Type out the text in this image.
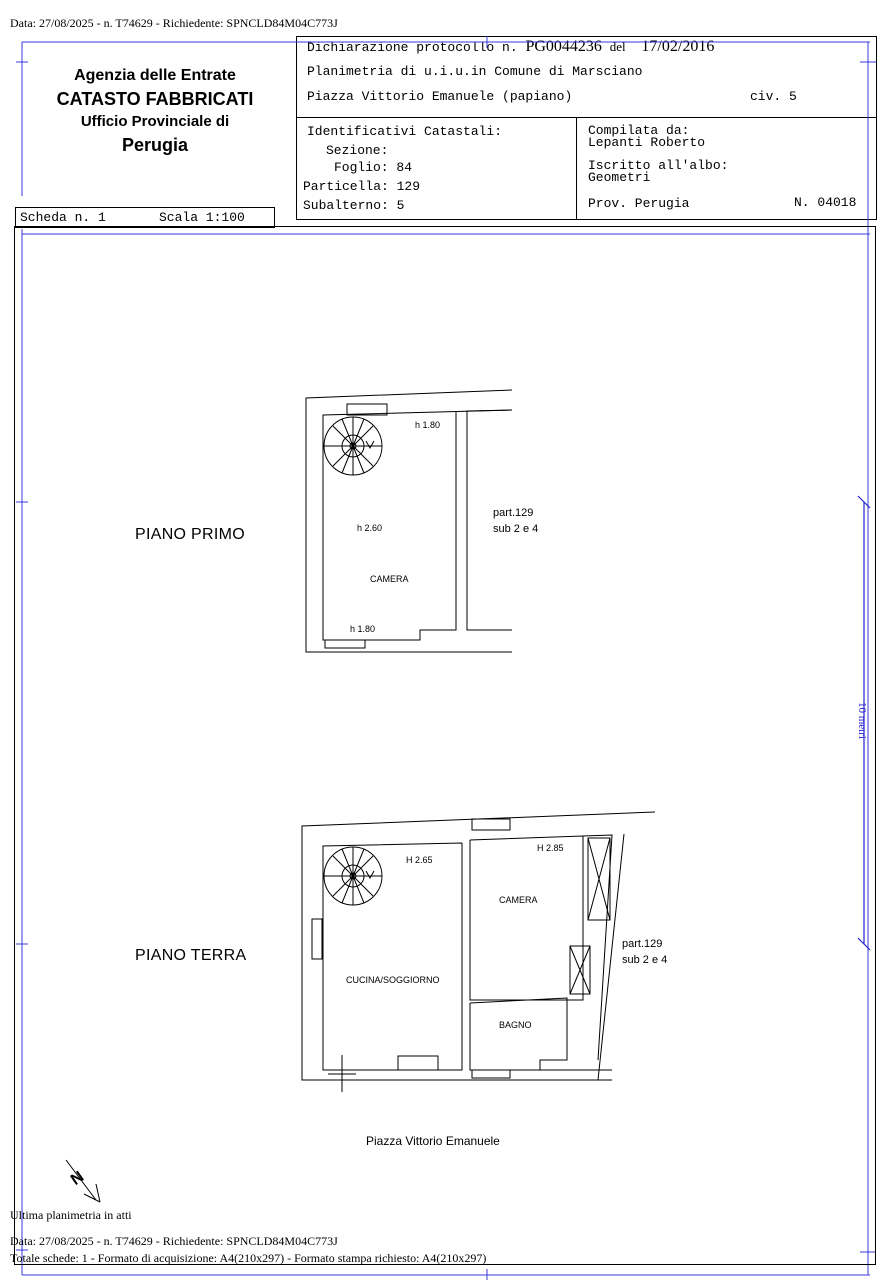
Data: 27/08/2025 - n. T74629 - Richiedente: SPNCLD84M04C773J
Agenzia delle Entrate
CATASTO FABBRICATI
Ufficio Provinciale di
Perugia
Dichiarazione protocollo n. PG0044236 del 17/02/2016
Planimetria di u.i.u.in Comune di Marsciano
Piazza Vittorio Emanuele (papiano)	civ. 5
Identificativi Catastali:
Sezione:
Foglio: 84
Particella: 129
Subalterno: 5
Compilata da:
Lepanti Roberto
Iscritto all'albo:
Geometri
Prov. Perugia	N. 04018
Scheda n. 1	Scala 1:100
PIANO PRIMO
PIANO TERRA
h 1.80
h 2.60
CAMERA
h 1.80
part.129
sub 2 e 4
H 2.65
H 2.85
CAMERA
CUCINA/SOGGIORNO
BAGNO
part.129
sub 2 e 4
Piazza Vittorio Emanuele
10 metri
N
Ultima planimetria in atti
Data: 27/08/2025 - n. T74629 - Richiedente: SPNCLD84M04C773J
Totale schede: 1 - Formato di acquisizione: A4(210x297) - Formato stampa richiesto: A4(210x297)
